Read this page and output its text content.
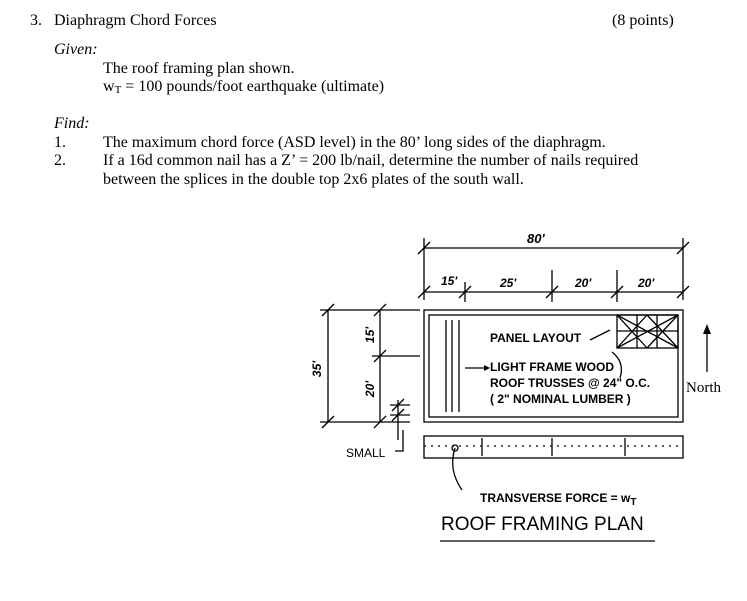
3. Diaphragm Chord Forces	(8 points)
Given:
The roof framing plan shown.
wT = 100 pounds/foot earthquake (ultimate)
Find:
1. The maximum chord force (ASD level) in the 80’ long sides of the diaphragm.
2. If a 16d common nail has a Z’ = 200 lb/nail, determine the number of nails required
between the splices in the double top 2x6 plates of the south wall.
80'
15'	25'	20'	20'
35'
15'
20'
PANEL LAYOUT
LIGHT FRAME WOOD
ROOF TRUSSES @ 24" O.C.
( 2" NOMINAL LUMBER )
SMALL
North
TRANSVERSE FORCE = $w_T$
ROOF FRAMING PLAN
